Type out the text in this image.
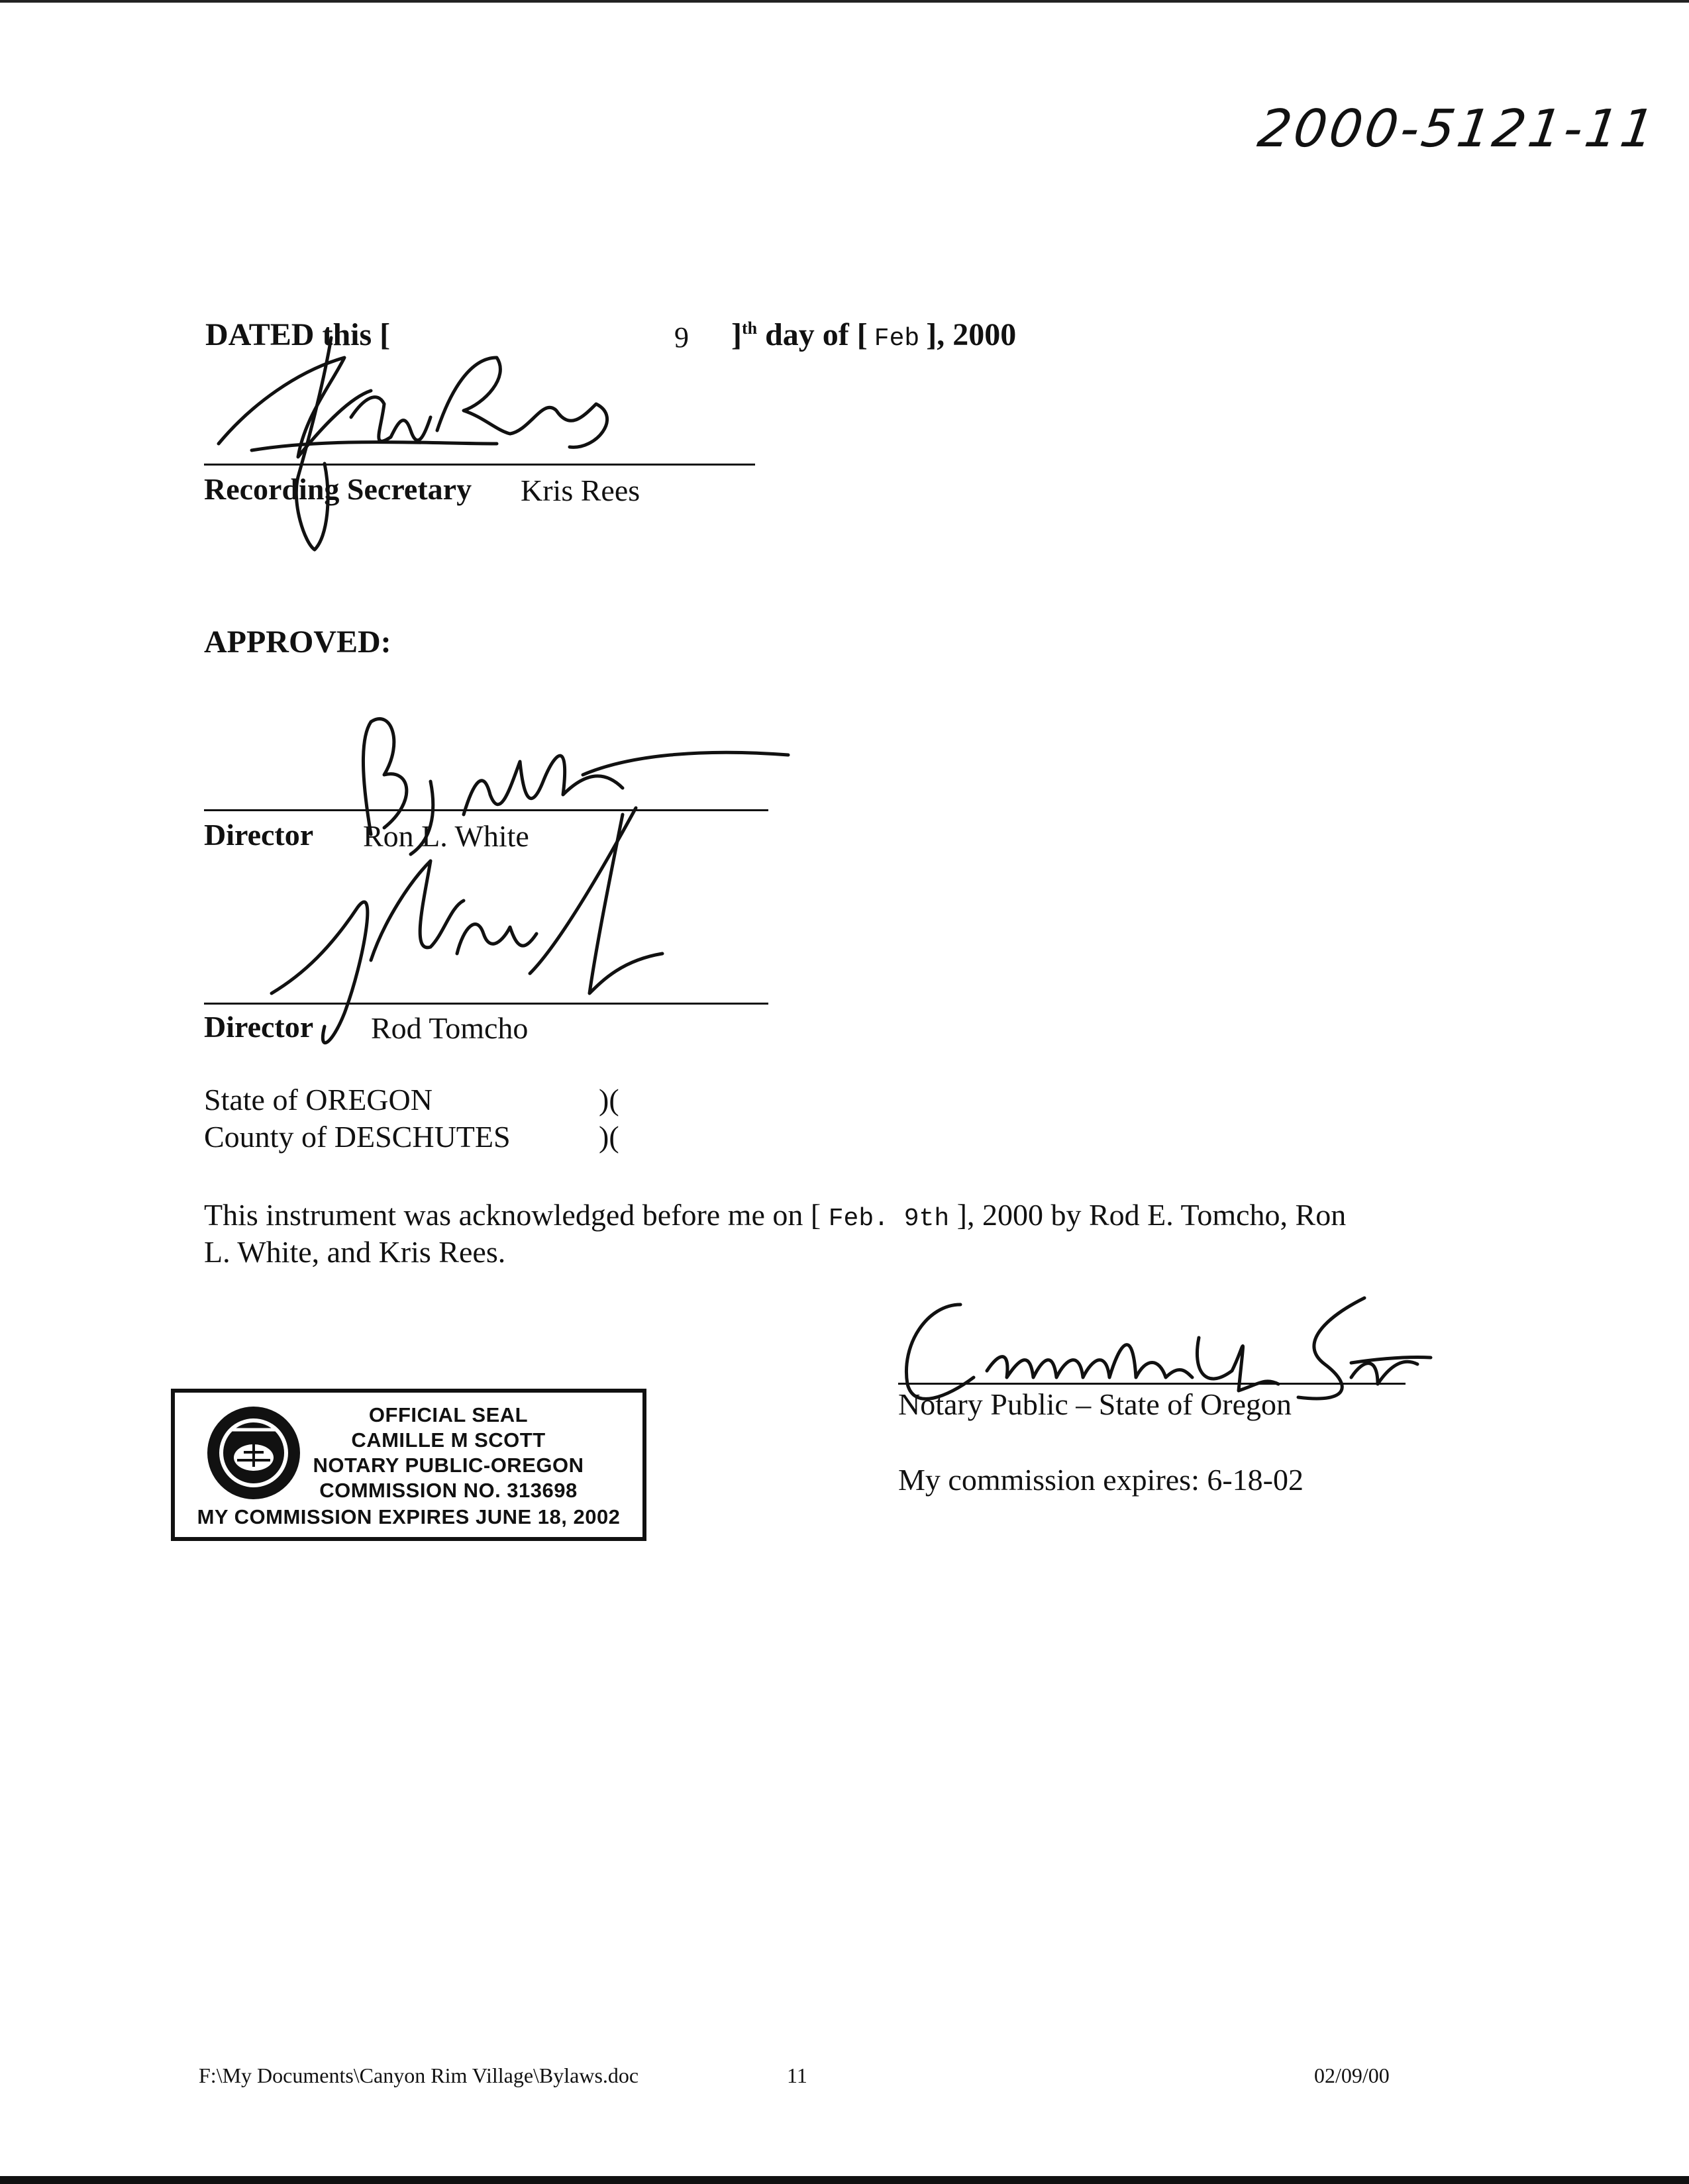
2000-5121-11
DATED this [	9 ]$^{th}$ day of [ Feb ], 2000
Recording Secretary Kris Rees
APPROVED:
Director Ron L. White
Director Rod Tomcho
State of OREGON	)(
County of DESCHUTES	)(
This instrument was acknowledged before me on [ Feb. 9th ], 2000 by Rod E. Tomcho, Ron
L. White, and Kris Rees.
Notary Public – State of Oregon
My commission expires: 6-18-02
OFFICIAL SEAL
CAMILLE M SCOTT
NOTARY PUBLIC-OREGON
COMMISSION NO. 313698
MY COMMISSION EXPIRES JUNE 18, 2002
F:\My Documents\Canyon Rim Village\Bylaws.doc	11	02/09/00
